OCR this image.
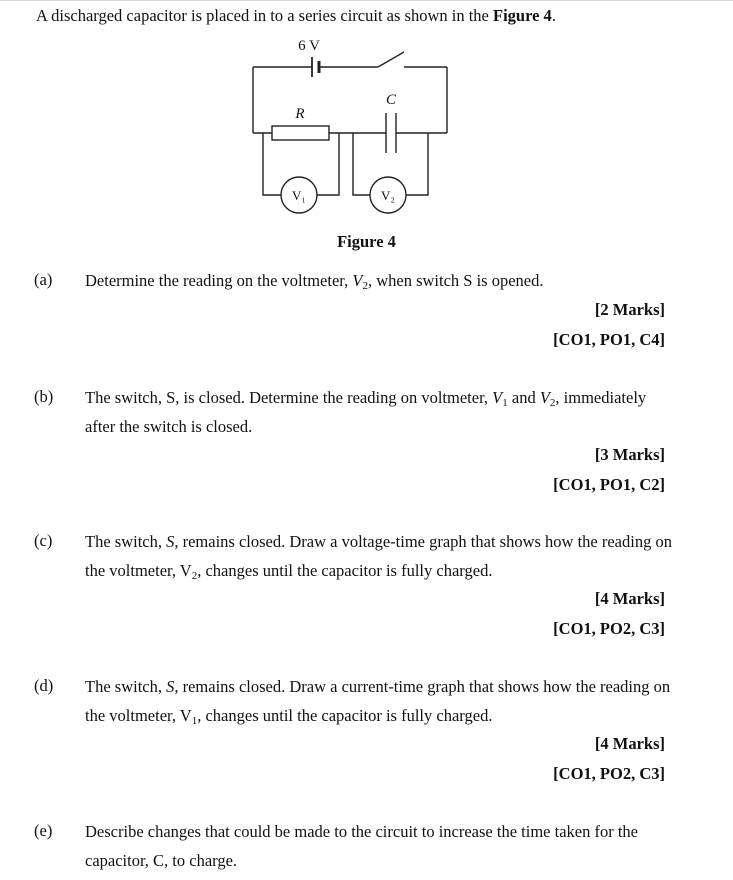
A discharged capacitor is placed in to a series circuit as shown in the Figure 4.
6 V
R
C
V₁	V₂
Figure 4
(a) Determine the reading on the voltmeter, $V_2$, when switch S is opened.
[2 Marks]
[CO1, PO1, C4]
(b) The switch, S, is closed. Determine the reading on voltmeter, $V_1$ and $V_2$, immediately after the switch is closed.
[3 Marks]
[CO1, PO1, C2]
(c) The switch, S, remains closed. Draw a voltage-time graph that shows how the reading on the voltmeter, $V_2$, changes until the capacitor is fully charged.
[4 Marks]
[CO1, PO2, C3]
(d) The switch, S, remains closed. Draw a current-time graph that shows how the reading on the voltmeter, $V_1$, changes until the capacitor is fully charged.
[4 Marks]
[CO1, PO2, C3]
(e) Describe changes that could be made to the circuit to increase the time taken for the capacitor, C, to charge.
